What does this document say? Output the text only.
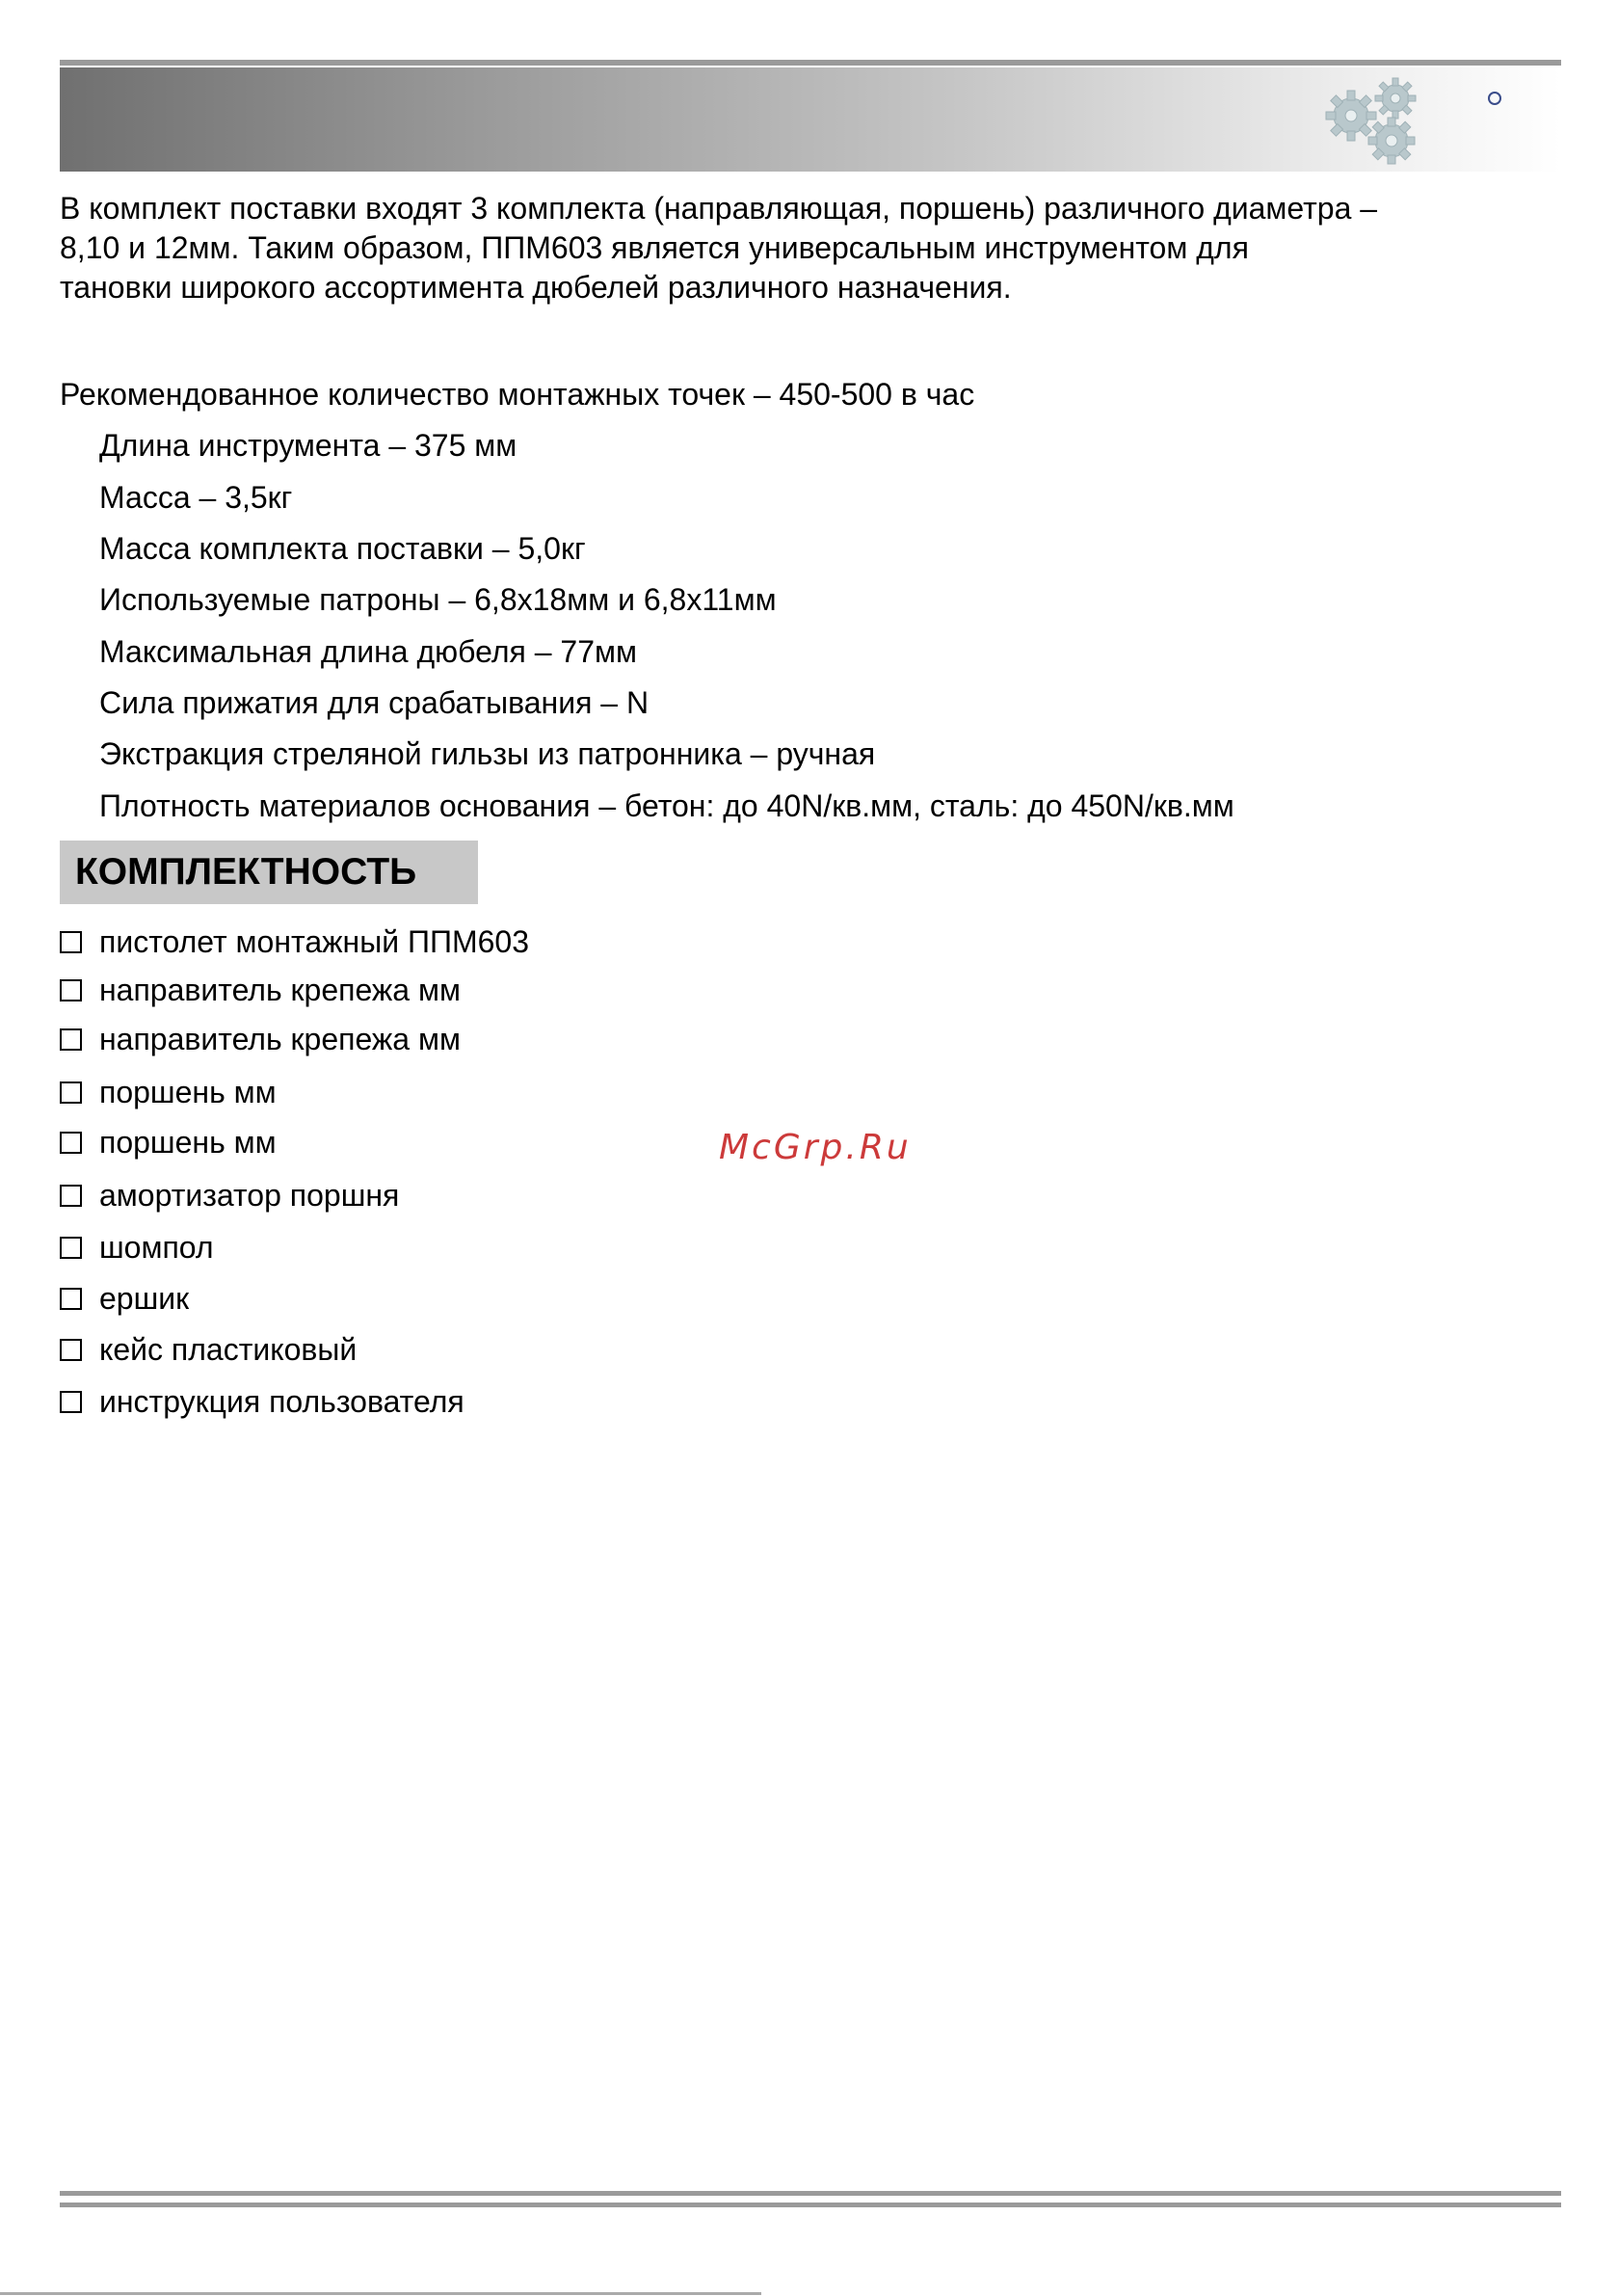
В комплект поставки входят 3 комплекта (направляющая, поршень) различного диаметра –

8,10 и 12мм. Таким образом, ППМ603 является универсальным инструментом для

тановки широкого ассортимента дюбелей различного назначения.

Рекомендованное количество монтажных точек – 450-500 в час

Длина инструмента – 375 мм

Масса – 3,5кг

Масса комплекта поставки – 5,0кг

Используемые патроны – 6,8х18мм и 6,8х11мм

Максимальная длина дюбеля – 77мм

Сила прижатия для срабатывания – N

Экстракция стреляной гильзы из патронника – ручная

Плотность материалов основания – бетон: до 40N/кв.мм, сталь: до 450N/кв.мм

КОМПЛЕКТНОСТЬ
пистолет монтажный ППМ603
направитель крепежа мм
направитель крепежа мм
поршень мм
поршень мм
амортизатор поршня
шомпол
ершик
кейс пластиковый
инструкция пользователя
McGrp.Ru
